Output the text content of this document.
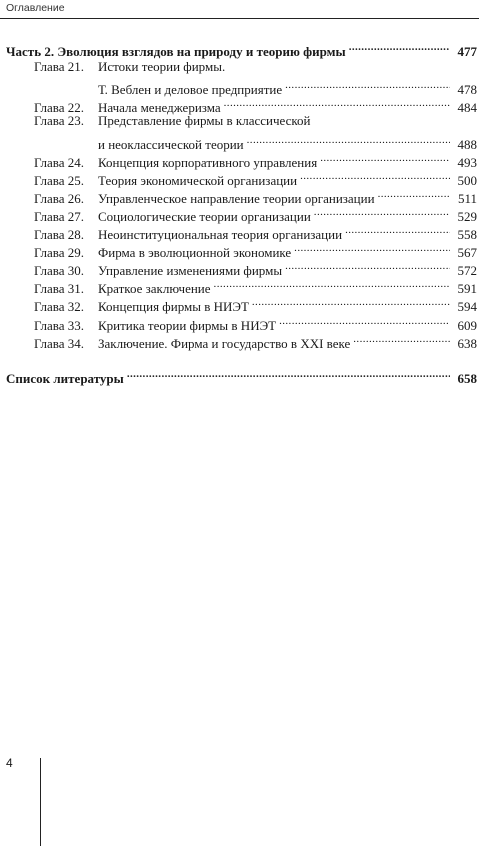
Оглавление
Часть 2. Эволюция взглядов на природу и теорию фирмы .....	477
Глава 21.	Истоки теории фирмы.
Т. Веблен и деловое предприятие .....	478
Глава 22.	Начала менеджеризма .....	484
Глава 23.	Представление фирмы в классической
и неоклассической теории .....	488
Глава 24.	Концепция корпоративного управления .....	493
Глава 25.	Теория экономической организации .....	500
Глава 26.	Управленческое направление теории организации .....	511
Глава 27.	Социологические теории организации .....	529
Глава 28.	Неоинституциональная теория организации .....	558
Глава 29.	Фирма в эволюционной экономике .....	567
Глава 30.	Управление изменениями фирмы .....	572
Глава 31.	Краткое заключение .....	591
Глава 32.	Концепция фирмы в НИЭТ .....	594
Глава 33.	Критика теории фирмы в НИЭТ .....	609
Глава 34.	Заключение. Фирма и государство в XXI веке .....	638
Список литературы .....	658
4
